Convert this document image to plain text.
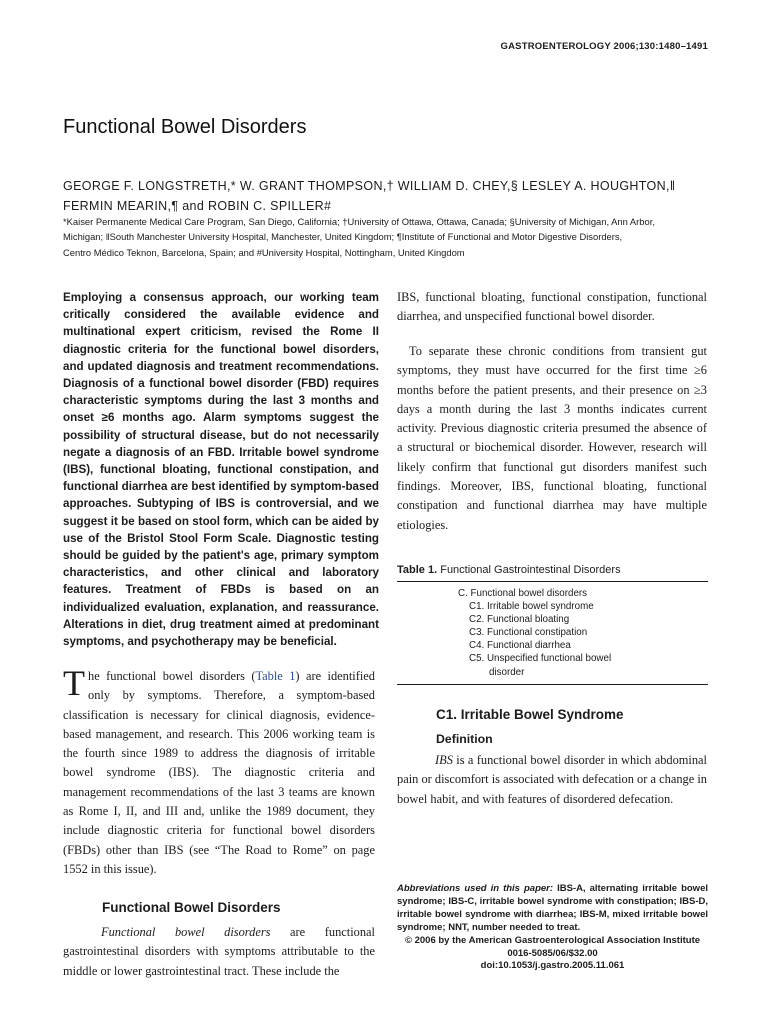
GASTROENTEROLOGY 2006;130:1480–1491
Functional Bowel Disorders
GEORGE F. LONGSTRETH,* W. GRANT THOMPSON,† WILLIAM D. CHEY,§ LESLEY A. HOUGHTON,‖
FERMIN MEARIN,¶ and ROBIN C. SPILLER#
*Kaiser Permanente Medical Care Program, San Diego, California; †University of Ottawa, Ottawa, Canada; §University of Michigan, Ann Arbor,
Michigan; ‖South Manchester University Hospital, Manchester, United Kingdom; ¶Institute of Functional and Motor Digestive Disorders,
Centro Médico Teknon, Barcelona, Spain; and #University Hospital, Nottingham, United Kingdom

Employing a consensus approach, our working team critically considered the available evidence and multinational expert criticism, revised the Rome II diagnostic criteria for the functional bowel disorders, and updated diagnosis and treatment recommendations. Diagnosis of a functional bowel disorder (FBD) requires characteristic symptoms during the last 3 months and onset ≥6 months ago. Alarm symptoms suggest the possibility of structural disease, but do not necessarily negate a diagnosis of an FBD. Irritable bowel syndrome (IBS), functional bloating, functional constipation, and functional diarrhea are best identified by symptom-based approaches. Subtyping of IBS is controversial, and we suggest it be based on stool form, which can be aided by use of the Bristol Stool Form Scale. Diagnostic testing should be guided by the patient's age, primary symptom characteristics, and other clinical and laboratory features. Treatment of FBDs is based on an individualized evaluation, explanation, and reassurance. Alterations in diet, drug treatment aimed at predominant symptoms, and psychotherapy may be beneficial.

The functional bowel disorders (Table 1) are identified only by symptoms. Therefore, a symptom-based classification is necessary for clinical diagnosis, evidence-based management, and research. This 2006 working team is the fourth since 1989 to address the diagnosis of irritable bowel syndrome (IBS). The diagnostic criteria and management recommendations of the last 3 teams are known as Rome I, II, and III and, unlike the 1989 document, they include diagnostic criteria for functional bowel disorders (FBDs) other than IBS (see “The Road to Rome” on page 1552 in this issue).

Functional Bowel Disorders

Functional bowel disorders are functional gastrointestinal disorders with symptoms attributable to the middle or lower gastrointestinal tract. These include the

IBS, functional bloating, functional constipation, functional diarrhea, and unspecified functional bowel disorder.

To separate these chronic conditions from transient gut symptoms, they must have occurred for the first time ≥6 months before the patient presents, and their presence on ≥3 days a month during the last 3 months indicates current activity. Previous diagnostic criteria presumed the absence of a structural or biochemical disorder. However, research will likely confirm that functional gut disorders manifest such findings. Moreover, IBS, functional bloating, functional constipation and functional diarrhea may have multiple etiologies.

Table 1. Functional Gastrointestinal Disorders
C. Functional bowel disorders
C1. Irritable bowel syndrome
C2. Functional bloating
C3. Functional constipation
C4. Functional diarrhea
C5. Unspecified functional bowel
disorder
C1. Irritable Bowel Syndrome
Definition

IBS is a functional bowel disorder in which abdominal pain or discomfort is associated with defecation or a change in bowel habit, and with features of disordered defecation.

Abbreviations used in this paper: IBS-A, alternating irritable bowel syndrome; IBS-C, irritable bowel syndrome with constipation; IBS-D, irritable bowel syndrome with diarrhea; IBS-M, mixed irritable bowel syndrome; NNT, number needed to treat.
© 2006 by the American Gastroenterological Association Institute
0016-5085/06/$32.00
doi:10.1053/j.gastro.2005.11.061
